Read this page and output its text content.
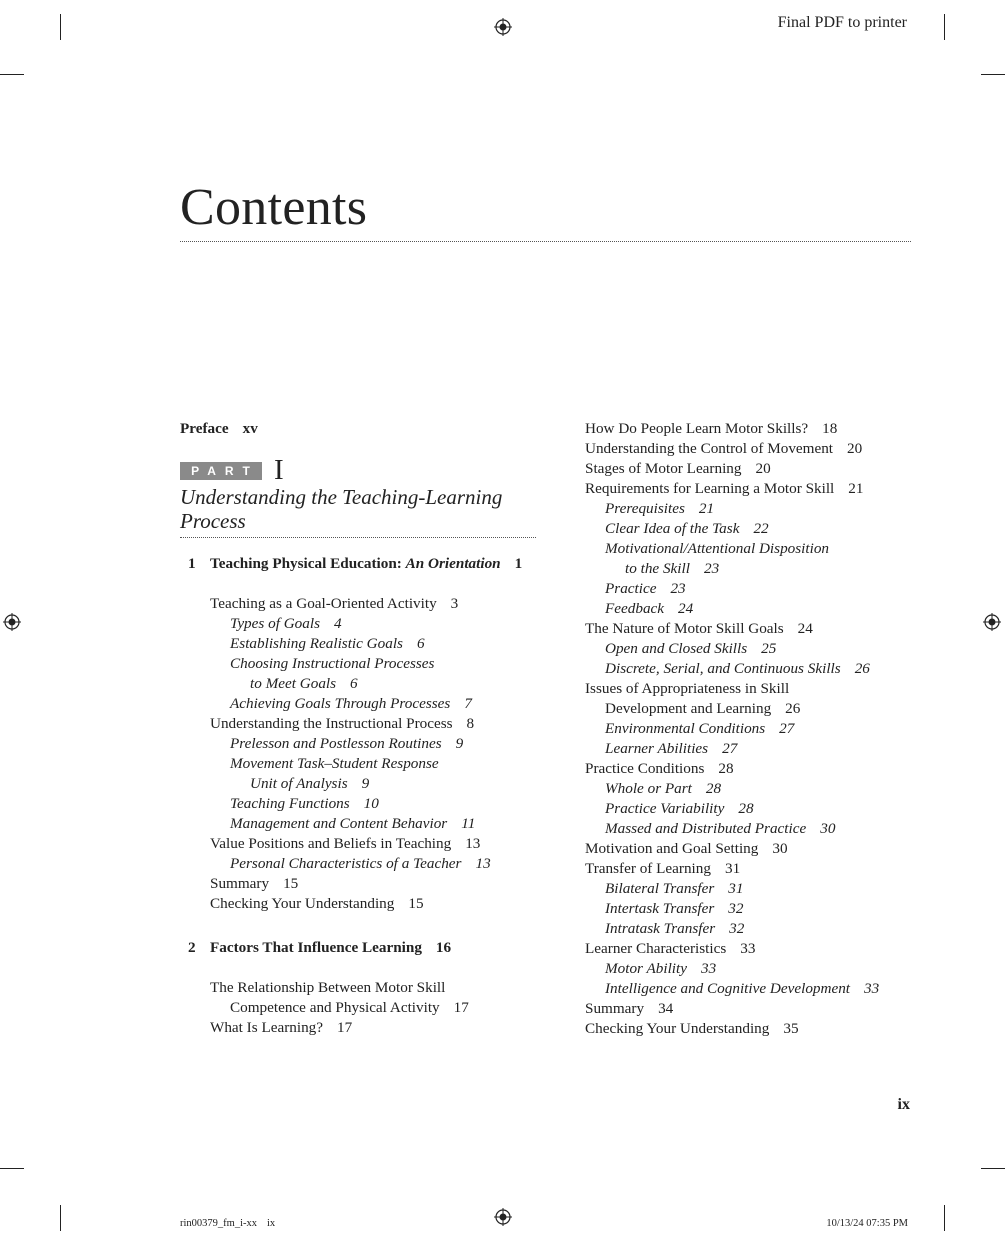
Final PDF to printer
Contents
Preface xv
PART I
Understanding the Teaching-Learning Process
1 Teaching Physical Education: An Orientation 1
Teaching as a Goal-Oriented Activity 3
Types of Goals 4
Establishing Realistic Goals 6
Choosing Instructional Processes
to Meet Goals 6
Achieving Goals Through Processes 7
Understanding the Instructional Process 8
Prelesson and Postlesson Routines 9
Movement Task–Student Response
Unit of Analysis 9
Teaching Functions 10
Management and Content Behavior 11
Value Positions and Beliefs in Teaching 13
Personal Characteristics of a Teacher 13
Summary 15
Checking Your Understanding 15
2 Factors That Influence Learning 16
The Relationship Between Motor Skill
Competence and Physical Activity 17
What Is Learning? 17
How Do People Learn Motor Skills? 18
Understanding the Control of Movement 20
Stages of Motor Learning 20
Requirements for Learning a Motor Skill 21
Prerequisites 21
Clear Idea of the Task 22
Motivational/Attentional Disposition
to the Skill 23
Practice 23
Feedback 24
The Nature of Motor Skill Goals 24
Open and Closed Skills 25
Discrete, Serial, and Continuous Skills 26
Issues of Appropriateness in Skill
Development and Learning 26
Environmental Conditions 27
Learner Abilities 27
Practice Conditions 28
Whole or Part 28
Practice Variability 28
Massed and Distributed Practice 30
Motivation and Goal Setting 30
Transfer of Learning 31
Bilateral Transfer 31
Intertask Transfer 32
Intratask Transfer 32
Learner Characteristics 33
Motor Ability 33
Intelligence and Cognitive Development 33
Summary 34
Checking Your Understanding 35
ix
rin00379_fm_i-xx ix	10/13/24 07:35 PM
